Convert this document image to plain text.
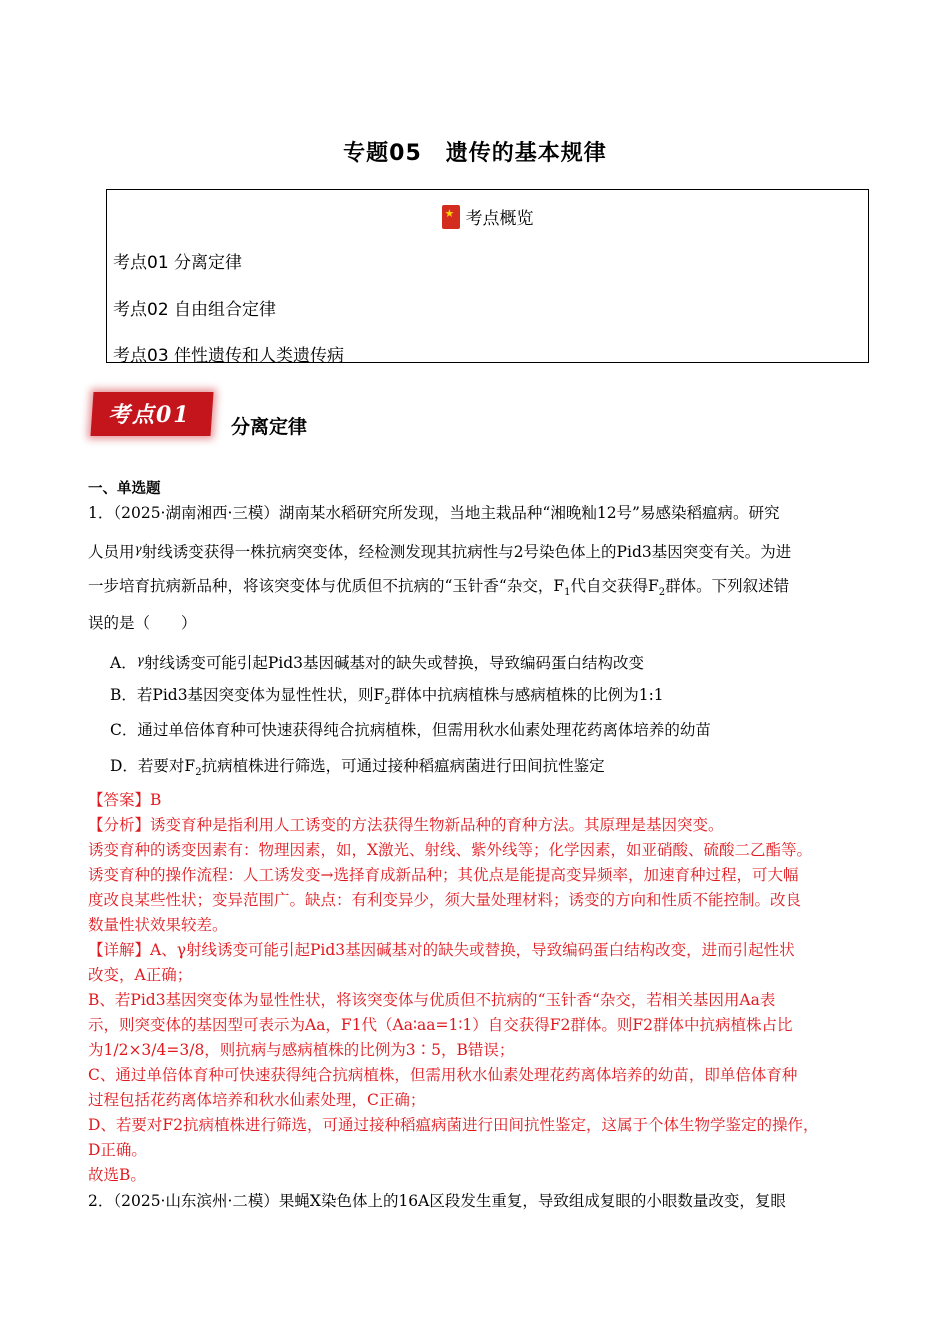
专题05 遗传的基本规律
★考点概览
考点01 分离定律
考点02 自由组合定律
考点03 伴性遗传和人类遗传病
考点01 分离定律
一、单选题
1．（2025·湖南湘西·三模）湖南某水稻研究所发现，当地主栽品种“湘晚籼12号”易感染稻瘟病。研究
人员用$^\gamma$射线诱变获得一株抗病突变体，经检测发现其抗病性与2号染色体上的Pid3基因突变有关。为进
一步培育抗病新品种，将该突变体与优质但不抗病的“玉针香“杂交，$F_1$代自交获得$F_2$群体。下列叙述错
误的是（　　）
A．$^\gamma$射线诱变可能引起Pid3基因碱基对的缺失或替换，导致编码蛋白结构改变
B．若Pid3基因突变体为显性性状，则$F_2$群体中抗病植株与感病植株的比例为1:1
C．通过单倍体育种可快速获得纯合抗病植株，但需用秋水仙素处理花药离体培养的幼苗
D．若要对$F_2$抗病植株进行筛选，可通过接种稻瘟病菌进行田间抗性鉴定
【答案】B
【分析】诱变育种是指利用人工诱变的方法获得生物新品种的育种方法。其原理是基因突变。
诱变育种的诱变因素有：物理因素，如，X激光、射线、紫外线等；化学因素，如亚硝酸、硫酸二乙酯等。
诱变育种的操作流程：人工诱发变→选择育成新品种；其优点是能提高变异频率，加速育种过程，可大幅
度改良某些性状；变异范围广。缺点：有利变异少，须大量处理材料；诱变的方向和性质不能控制。改良
数量性状效果较差。
【详解】A、γ射线诱变可能引起Pid3基因碱基对的缺失或替换，导致编码蛋白结构改变，进而引起性状
改变，A正确；
B、若Pid3基因突变体为显性性状，将该突变体与优质但不抗病的“玉针香“杂交，若相关基因用Aa表
示，则突变体的基因型可表示为Aa，F1代（Aa∶aa=1∶1）自交获得F2群体。则F2群体中抗病植株占比
为1/2×3/4=3/8，则抗病与感病植株的比例为3∶5，B错误；
C、通过单倍体育种可快速获得纯合抗病植株，但需用秋水仙素处理花药离体培养的幼苗，即单倍体育种
过程包括花药离体培养和秋水仙素处理，C正确；
D、若要对F2抗病植株进行筛选，可通过接种稻瘟病菌进行田间抗性鉴定，这属于个体生物学鉴定的操作，
D正确。
故选B。
2．（2025·山东滨州·二模）果蝇X染色体上的16A区段发生重复，导致组成复眼的小眼数量改变，复眼
